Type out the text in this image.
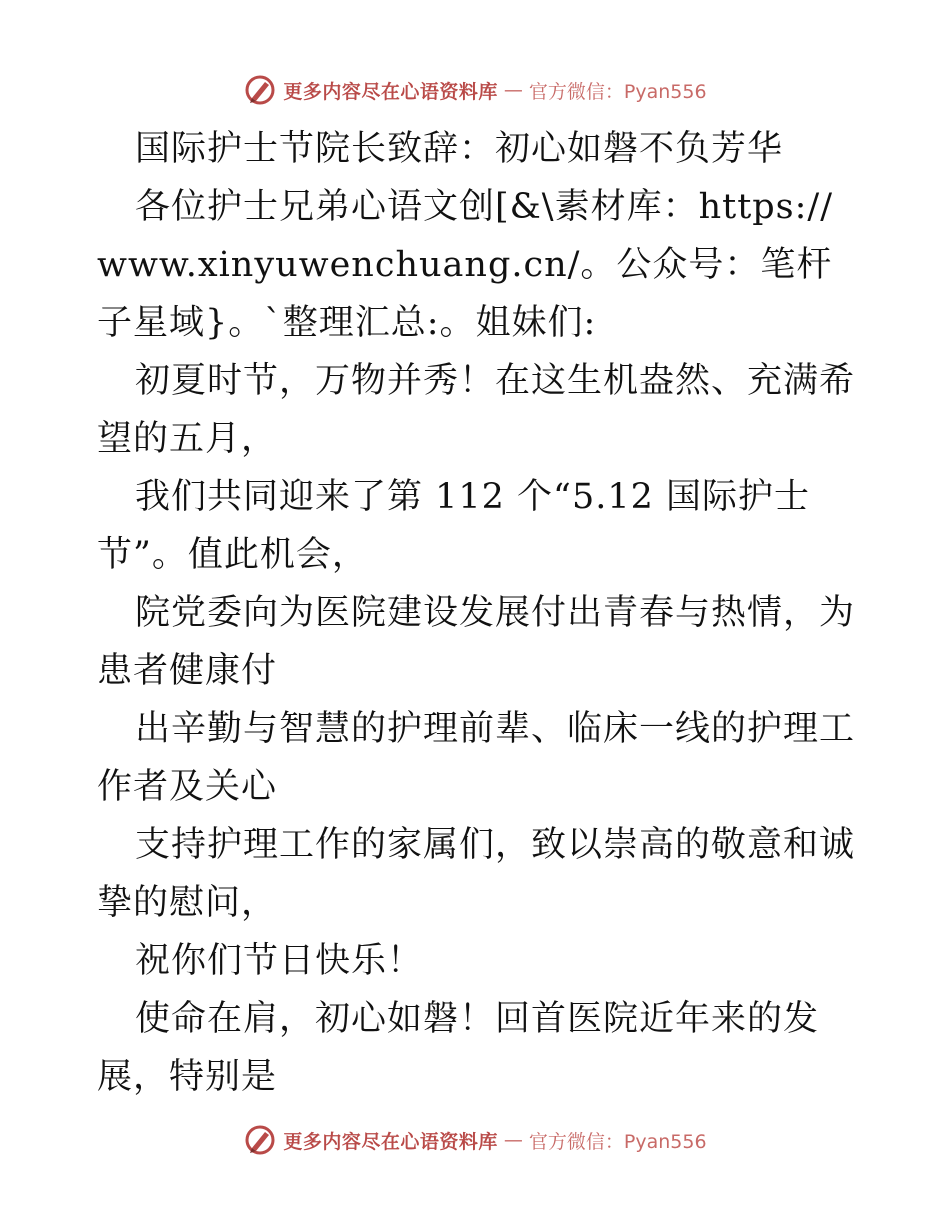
更多内容尽在心语资料库 — 官方微信：Pyan556

国际护士节院长致辞：初心如磐不负芳华

各位护士兄弟心语文创[&\素材库：https://www.xinyuwenchuang.cn/。公众号：笔杆子星域}。`整理汇总:。姐妹们:

初夏时节，万物并秀！在这生机盎然、充满希望的五月，

我们共同迎来了第 112 个“5.12 国际护士节”。值此机会，

院党委向为医院建设发展付出青春与热情，为患者健康付

出辛勤与智慧的护理前辈、临床一线的护理工作者及关心

支持护理工作的家属们，致以崇高的敬意和诚挚的慰问，

祝你们节日快乐！

使命在肩，初心如磐！回首医院近年来的发展，特别是

更多内容尽在心语资料库 — 官方微信：Pyan556
